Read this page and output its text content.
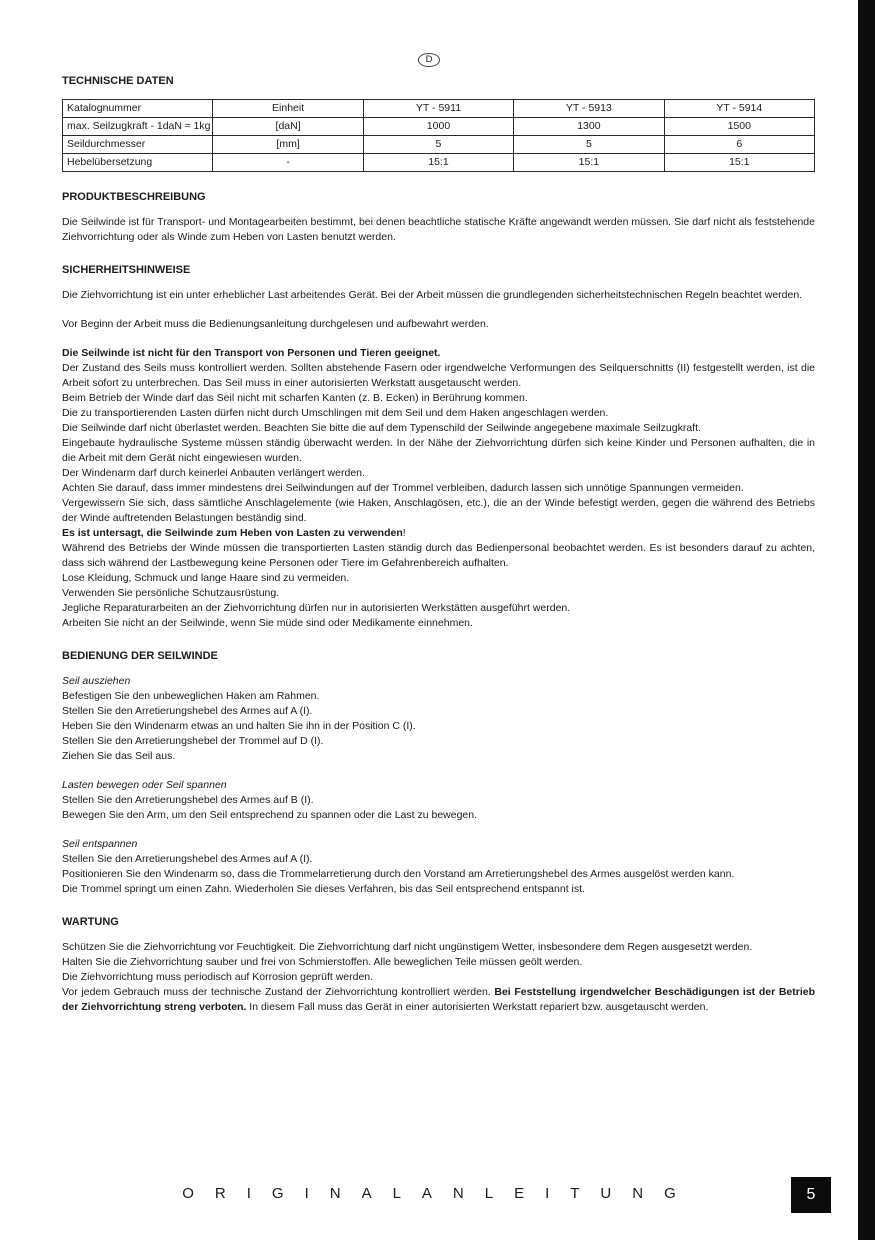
D
TECHNISCHE DATEN
Katalognummer	Einheit	YT - 5911	YT - 5913	YT - 5914
max. Seilzugkraft - 1daN ≈ 1kg	[daN]	1000	1300	1500
Seildurchmesser	[mm]	5	5	6
Hebelübersetzung	-	15:1	15:1	15:1
PRODUKTBESCHREIBUNG
Die Seilwinde ist für Transport- und Montagearbeiten bestimmt, bei denen beachtliche statische Kräfte angewandt werden müssen. Sie darf nicht als feststehende Ziehvorrichtung oder als Winde zum Heben von Lasten benutzt werden.
SICHERHEITSHINWEISE
Die Ziehvorrichtung ist ein unter erheblicher Last arbeitendes Gerät. Bei der Arbeit müssen die grundlegenden sicherheitstechnischen Regeln beachtet werden.
Vor Beginn der Arbeit muss die Bedienungsanleitung durchgelesen und aufbewahrt werden.
Die Seilwinde ist nicht für den Transport von Personen und Tieren geeignet.
Der Zustand des Seils muss kontrolliert werden. Sollten abstehende Fasern oder irgendwelche Verformungen des Seilquerschnitts (II) festgestellt werden, ist die Arbeit sofort zu unterbrechen. Das Seil muss in einer autorisierten Werkstatt ausgetauscht werden.
Beim Betrieb der Winde darf das Seil nicht mit scharfen Kanten (z. B. Ecken) in Berührung kommen.
Die zu transportierenden Lasten dürfen nicht durch Umschlingen mit dem Seil und dem Haken angeschlagen werden.
Die Seilwinde darf nicht überlastet werden. Beachten Sie bitte die auf dem Typenschild der Seilwinde angegebene maximale Seilzugkraft.
Eingebaute hydraulische Systeme müssen ständig überwacht werden. In der Nähe der Ziehvorrichtung dürfen sich keine Kinder und Personen aufhalten, die in die Arbeit mit dem Gerät nicht eingewiesen wurden.
Der Windenarm darf durch keinerlei Anbauten verlängert werden.
Achten Sie darauf, dass immer mindestens drei Seilwindungen auf der Trommel verbleiben, dadurch lassen sich unnötige Spannungen vermeiden.
Vergewissern Sie sich, dass sämtliche Anschlagelemente (wie Haken, Anschlagösen, etc.), die an der Winde befestigt werden, gegen die während des Betriebs der Winde auftretenden Belastungen beständig sind.
Es ist untersagt, die Seilwinde zum Heben von Lasten zu verwenden!
Während des Betriebs der Winde müssen die transportierten Lasten ständig durch das Bedienpersonal beobachtet werden. Es ist besonders darauf zu achten, dass sich während der Lastbewegung keine Personen oder Tiere im Gefahrenbereich aufhalten.
Lose Kleidung, Schmuck und lange Haare sind zu vermeiden.
Verwenden Sie persönliche Schutzausrüstung.
Jegliche Reparaturarbeiten an der Ziehvorrichtung dürfen nur in autorisierten Werkstätten ausgeführt werden.
Arbeiten Sie nicht an der Seilwinde, wenn Sie müde sind oder Medikamente einnehmen.
BEDIENUNG DER SEILWINDE
Seil ausziehen
Befestigen Sie den unbeweglichen Haken am Rahmen.
Stellen Sie den Arretierungshebel des Armes auf A (I).
Heben Sie den Windenarm etwas an und halten Sie ihn in der Position C (I).
Stellen Sie den Arretierungshebel der Trommel auf D (I).
Ziehen Sie das Seil aus.
Lasten bewegen oder Seil spannen
Stellen Sie den Arretierungshebel des Armes auf B (I).
Bewegen Sie den Arm, um den Seil entsprechend zu spannen oder die Last zu bewegen.
Seil entspannen
Stellen Sie den Arretierungshebel des Armes auf A (I).
Positionieren Sie den Windenarm so, dass die Trommelarretierung durch den Vorstand am Arretierungshebel des Armes ausgelöst werden kann.
Die Trommel springt um einen Zahn. Wiederholen Sie dieses Verfahren, bis das Seil entsprechend entspannt ist.
WARTUNG
Schützen Sie die Ziehvorrichtung vor Feuchtigkeit. Die Ziehvorrichtung darf nicht ungünstigem Wetter, insbesondere dem Regen ausgesetzt werden.
Halten Sie die Ziehvorrichtung sauber und frei von Schmierstoffen. Alle beweglichen Teile müssen geölt werden.
Die Ziehvorrichtung muss periodisch auf Korrosion geprüft werden.
Vor jedem Gebrauch muss der technische Zustand der Ziehvorrichtung kontrolliert werden. Bei Feststellung irgendwelcher Beschädigungen ist der Betrieb der Ziehvorrichtung streng verboten. In diesem Fall muss das Gerät in einer autorisierten Werkstatt repariert bzw. ausgetauscht werden.
ORIGINALANLEITUNG	5
